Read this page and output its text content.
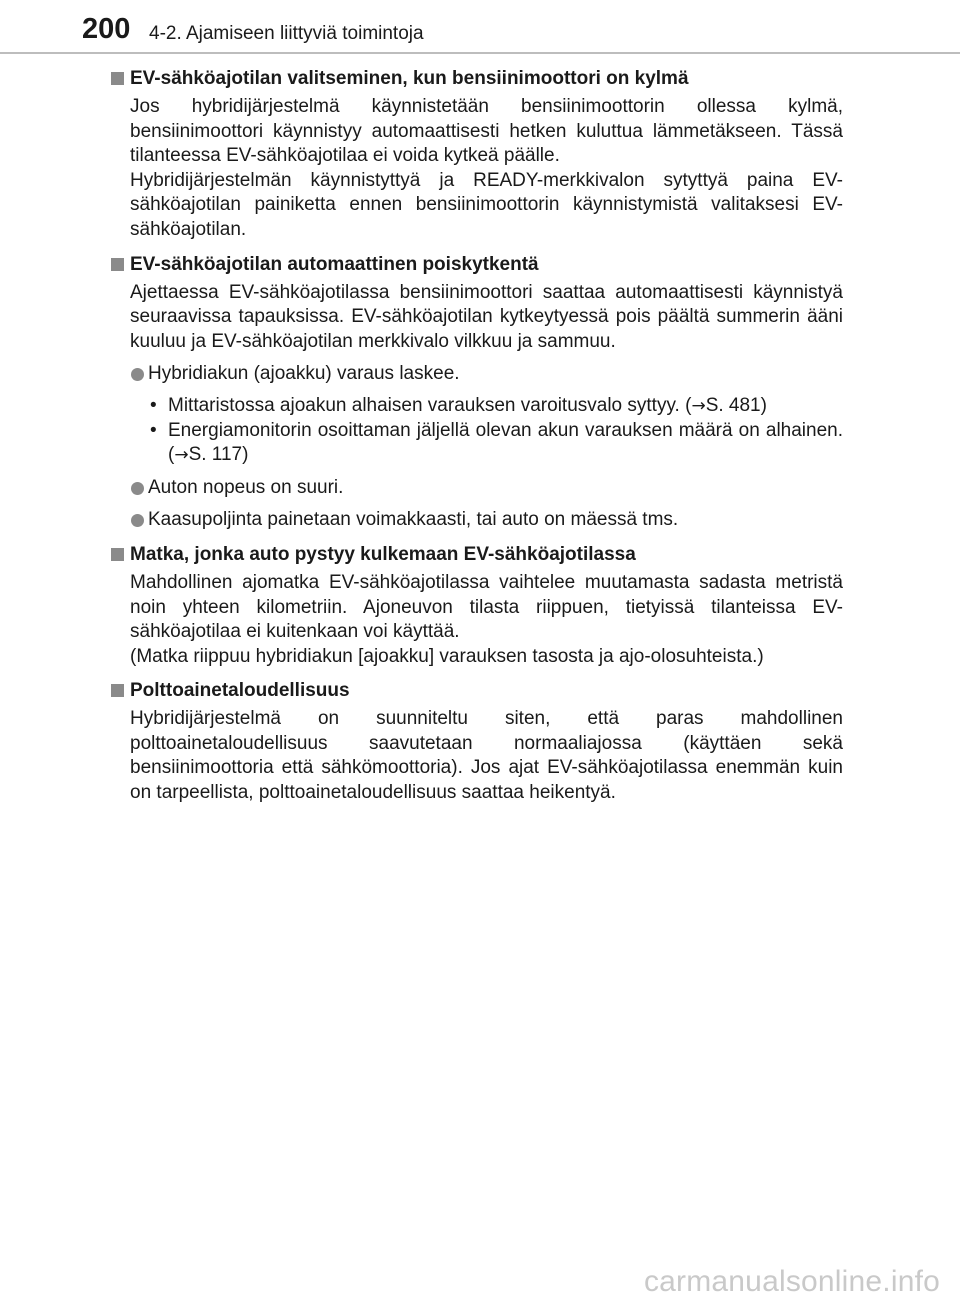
200 4-2. Ajamiseen liittyviä toimintoja
EV-sähköajotilan valitseminen, kun bensiinimoottori on kylmä

Jos hybridijärjestelmä käynnistetään bensiinimoottorin ollessa kylmä, bensiinimoottori käynnistyy automaattisesti hetken kuluttua lämmetäkseen. Tässä tilanteessa EV-sähköajotilaa ei voida kytkeä päälle.

Hybridijärjestelmän käynnistyttyä ja READY-merkkivalon sytyttyä paina EV-sähköajotilan painiketta ennen bensiinimoottorin käynnistymistä valitaksesi EV-sähköajotilan.

EV-sähköajotilan automaattinen poiskytkentä

Ajettaessa EV-sähköajotilassa bensiinimoottori saattaa automaattisesti käynnistyä seuraavissa tapauksissa. EV-sähköajotilan kytkeytyessä pois päältä summerin ääni kuuluu ja EV-sähköajotilan merkkivalo vilkkuu ja sammuu.

Hybridiakun (ajoakku) varaus laskee.
• Mittaristossa ajoakun alhaisen varauksen varoitusvalo syttyy. (→S. 481)
• Energiamonitorin osoittaman jäljellä olevan akun varauksen määrä on alhainen. (→S. 117)
Auton nopeus on suuri.
Kaasupoljinta painetaan voimakkaasti, tai auto on mäessä tms.
Matka, jonka auto pystyy kulkemaan EV-sähköajotilassa

Mahdollinen ajomatka EV-sähköajotilassa vaihtelee muutamasta sadasta metristä noin yhteen kilometriin. Ajoneuvon tilasta riippuen, tietyissä tilanteissa EV-sähköajotilaa ei kuitenkaan voi käyttää.

(Matka riippuu hybridiakun [ajoakku] varauksen tasosta ja ajo-olosuhteista.)

Polttoainetaloudellisuus

Hybridijärjestelmä on suunniteltu siten, että paras mahdollinen polttoainetaloudellisuus saavutetaan normaaliajossa (käyttäen sekä bensiinimoottoria että sähkömoottoria). Jos ajat EV-sähköajotilassa enemmän kuin on tarpeellista, polttoainetaloudellisuus saattaa heikentyä.

carmanualsonline.info
